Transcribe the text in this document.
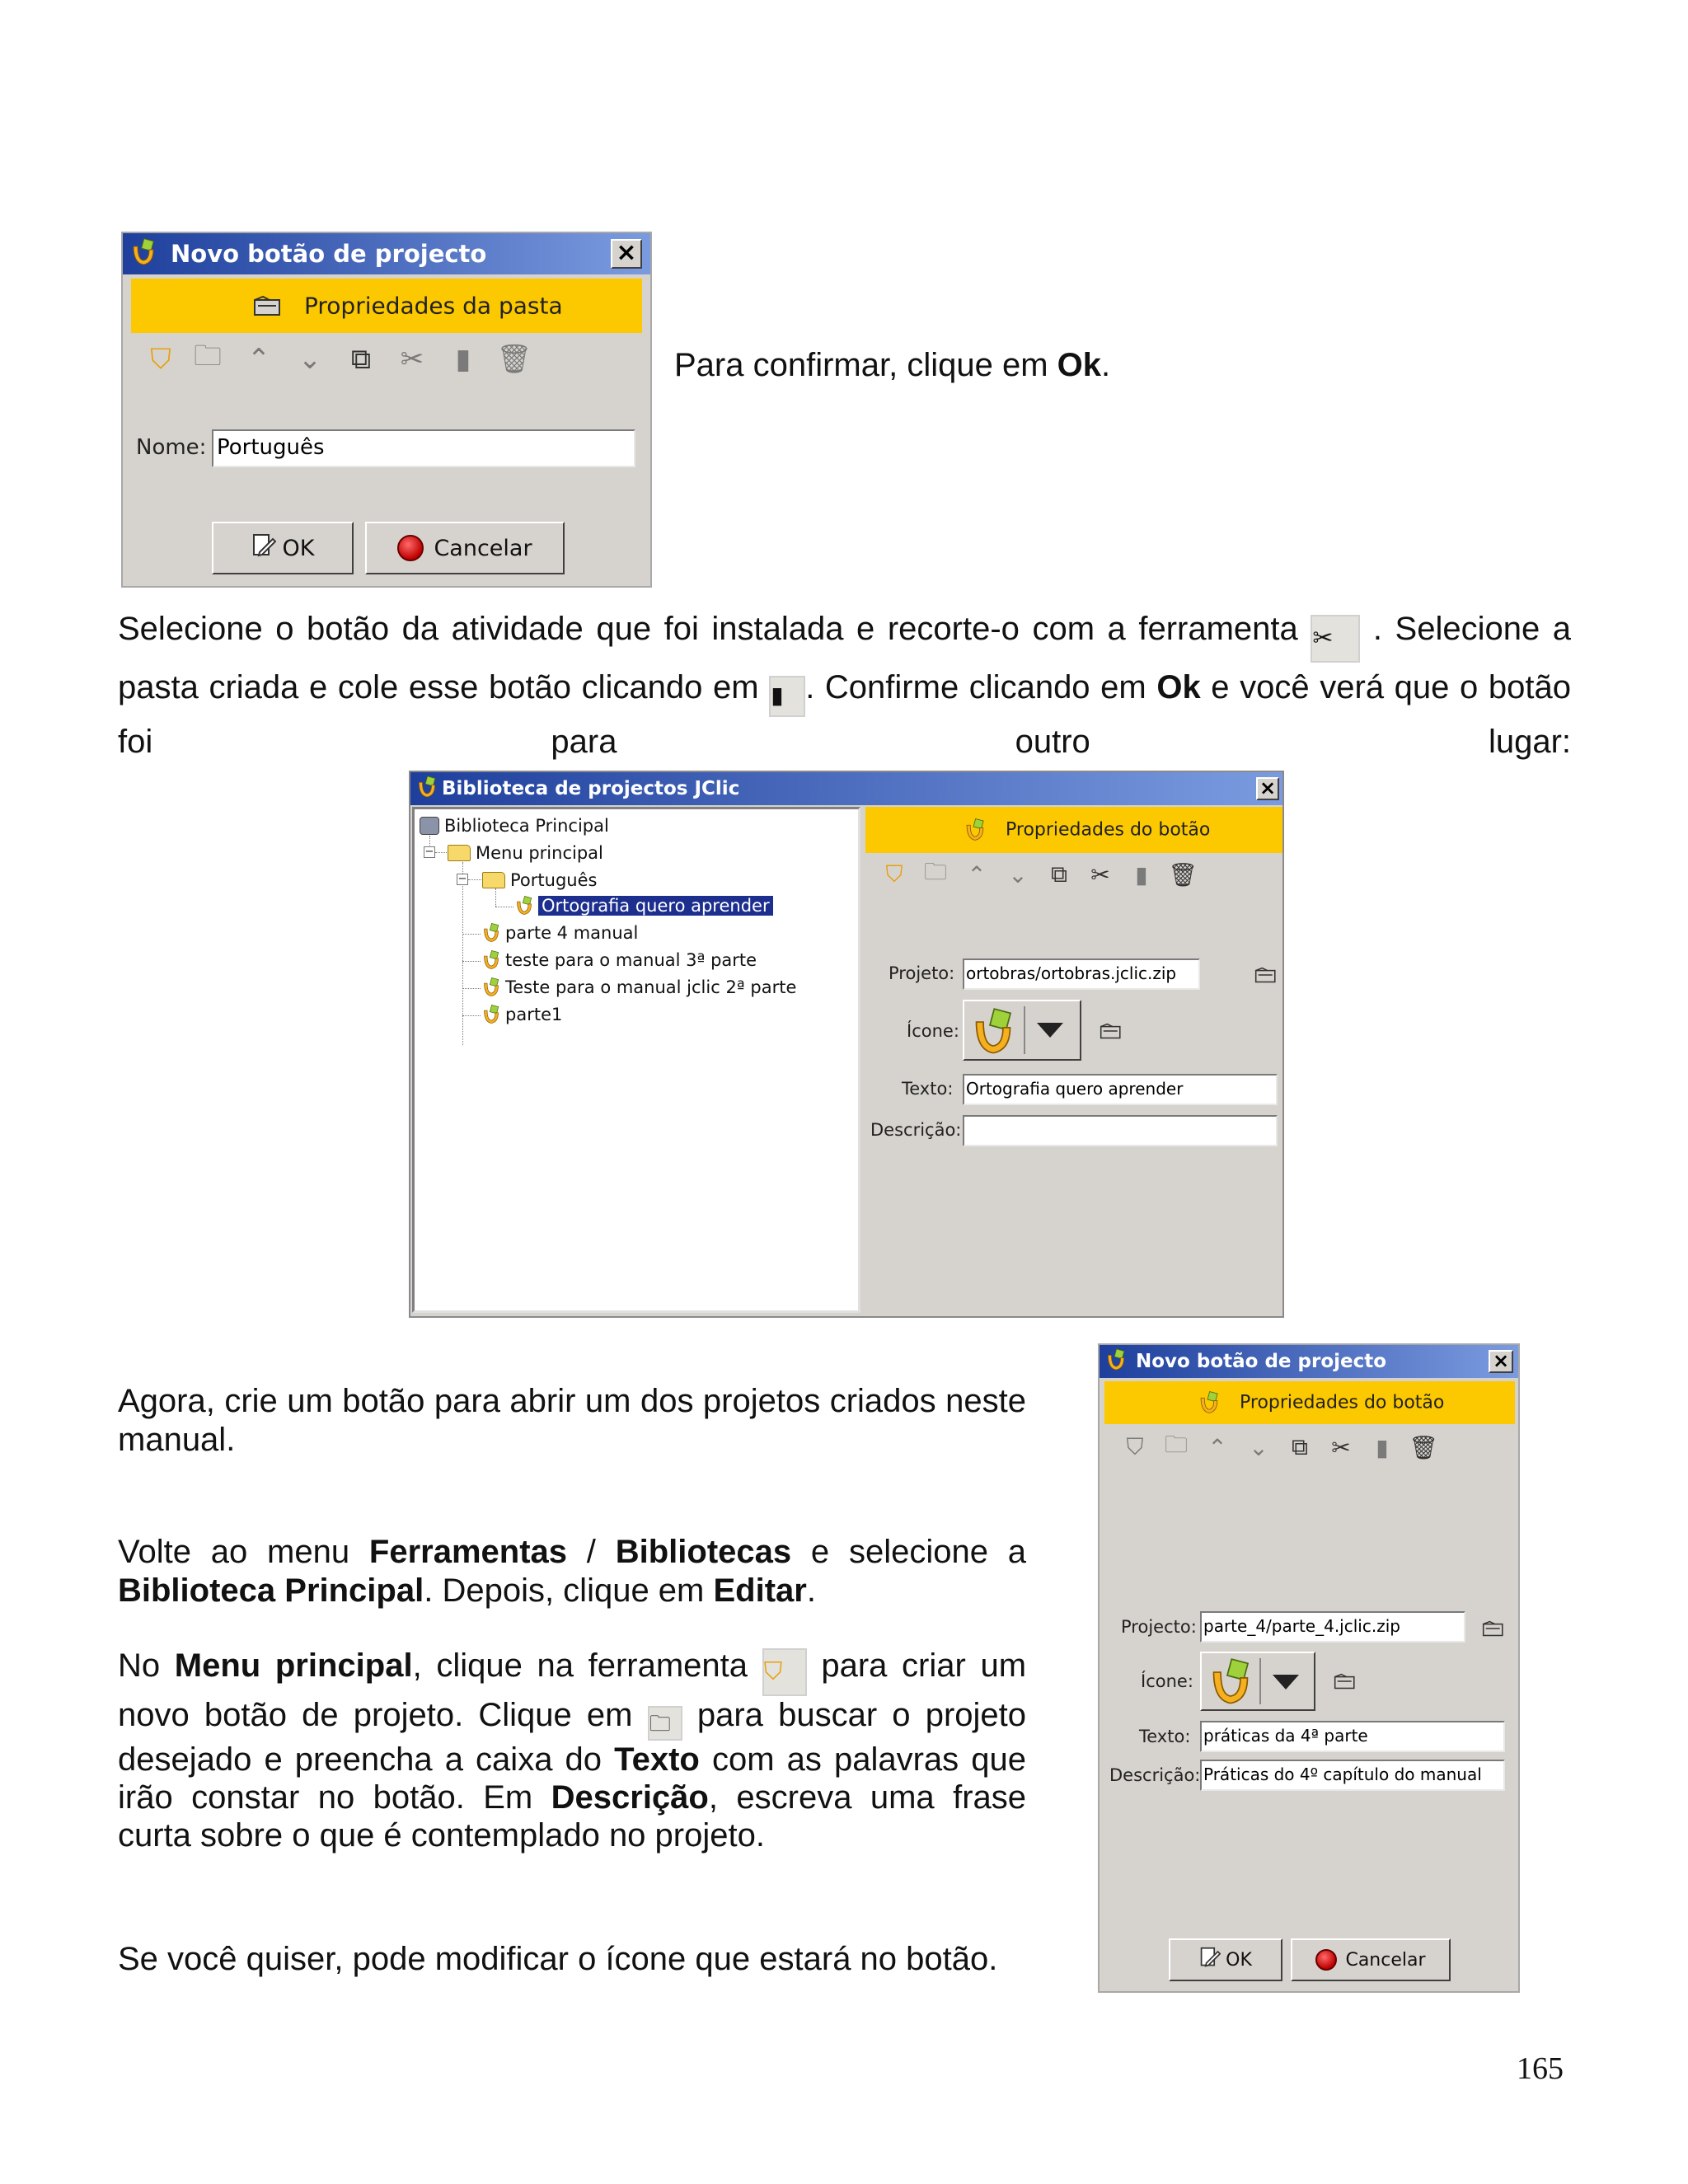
Novo botão de projecto	×
Propriedades da pasta
⛉ 🗀 ⌃ ⌄	⧉	✂	▮ 🗑
Nome: Português
OK	Cancelar
Para confirmar, clique em Ok.
Selecione o botão da atividade que foi instalada e recorte-o com a ferramenta ✂ . Selecione a pasta criada e cole esse botão clicando em ▮ . Confirme clicando em Ok e você verá que o botão foi para outro lugar:
Biblioteca de projectos JClic	×
Biblioteca Principal
− Menu principal
−	Português
Ortografia quero aprender
parte 4 manual
teste para o manual 3ª parte
Teste para o manual jclic 2ª parte
parte1
Propriedades do botão
⛉ 🗀 ⌃ ⌄	⧉	✂	▮ 🗑
Projeto: ortobras/ortobras.jclic.zip
Ícone:
Texto: Ortografia quero aprender
Descrição:
Agora, crie um botão para abrir um dos projetos criados neste manual.
Volte ao menu Ferramentas / Bibliotecas e selecione a Biblioteca Principal. Depois, clique em Editar.
No Menu principal, clique na ferramenta ⛉ para criar um novo botão de projeto. Clique em 🗀 para buscar o projeto desejado e preencha a caixa do Texto com as palavras que irão constar no botão. Em Descrição, escreva uma frase curta sobre o que é contemplado no projeto.
Se você quiser, pode modificar o ícone que estará no botão.
Novo botão de projecto	×
Propriedades do botão
⛉ 🗀 ⌃ ⌄	⧉	✂	▮ 🗑
Projecto: parte_4/parte_4.jclic.zip
Ícone:
Texto: práticas da 4ª parte
Descrição: Práticas do 4º capítulo do manual
OK	Cancelar
165
